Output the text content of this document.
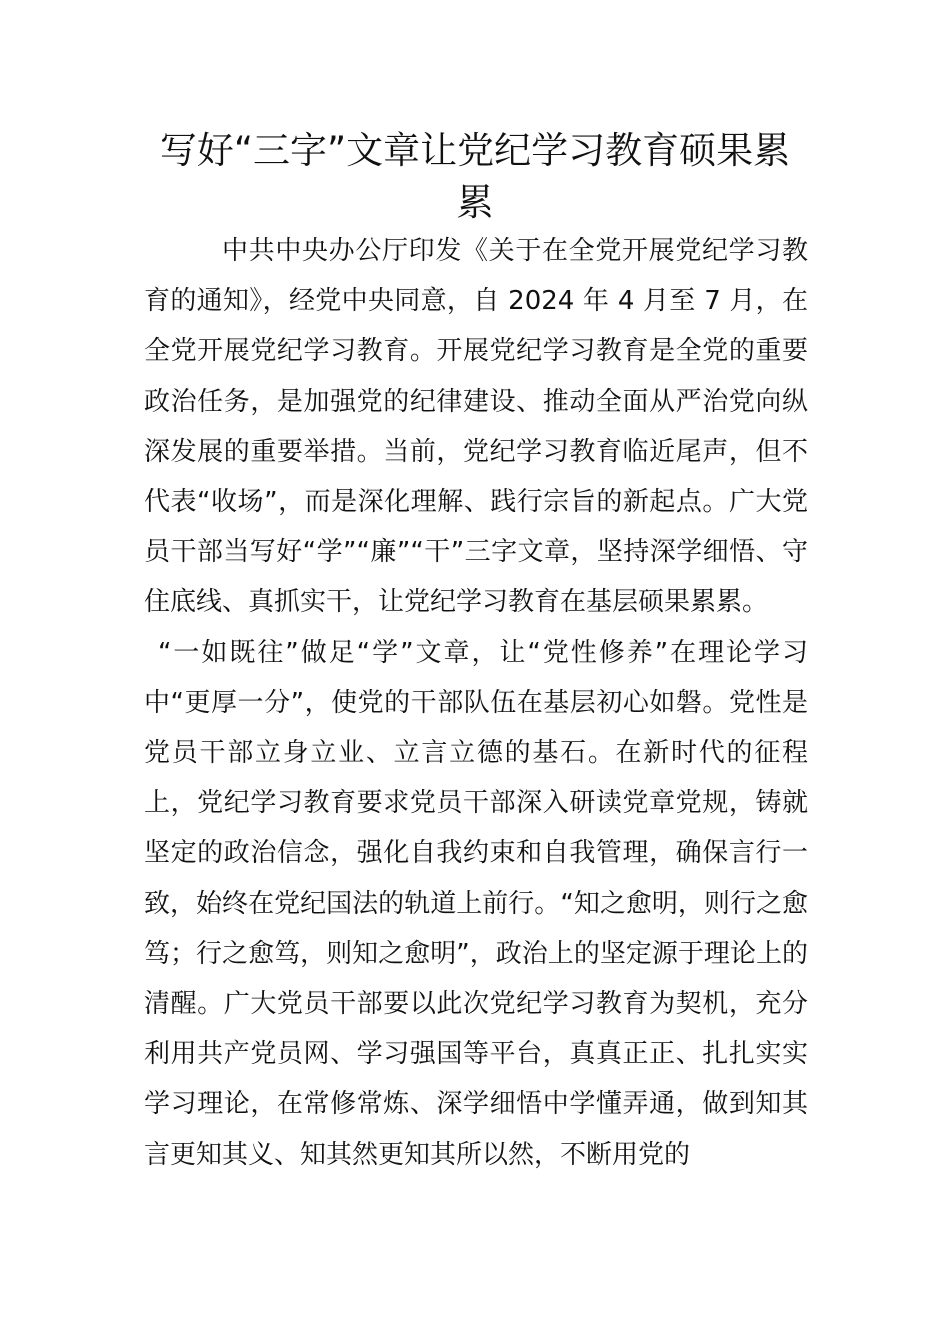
写好“三字”文章让党纪学习教育硕果累累

中共中央办公厅印发《关于在全党开展党纪学习教育的通知》，经党中央同意，自 2024 年 4 月至 7 月，在全党开展党纪学习教育。开展党纪学习教育是全党的重要政治任务，是加强党的纪律建设、推动全面从严治党向纵深发展的重要举措。当前，党纪学习教育临近尾声，但不代表“收场”，而是深化理解、践行宗旨的新起点。广大党员干部当写好“学”“廉”“干”三字文章，坚持深学细悟、守住底线、真抓实干，让党纪学习教育在基层硕果累累。

“一如既往”做足“学”文章，让“党性修养”在理论学习中“更厚一分”，使党的干部队伍在基层初心如磐。党性是党员干部立身立业、立言立德的基石。在新时代的征程上，党纪学习教育要求党员干部深入研读党章党规，铸就坚定的政治信念，强化自我约束和自我管理，确保言行一致，始终在党纪国法的轨道上前行。“知之愈明，则行之愈笃；行之愈笃，则知之愈明”，政治上的坚定源于理论上的清醒。广大党员干部要以此次党纪学习教育为契机，充分利用共产党员网、学习强国等平台，真真正正、扎扎实实学习理论，在常修常炼、深学细悟中学懂弄通，做到知其言更知其义、知其然更知其所以然，不断用党的
